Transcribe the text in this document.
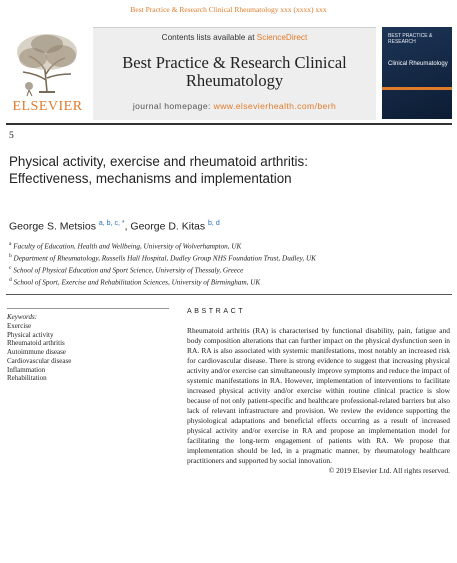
Best Practice & Research Clinical Rheumatology xxx (xxxx) xxx
ELSEVIER
Contents lists available at ScienceDirect
Best Practice & Research Clinical Rheumatology
journal homepage: www.elsevierhealth.com/berh
BEST PRACTICE & RESEARCH
Clinical Rheumatology
5
Physical activity, exercise and rheumatoid arthritis: Effectiveness, mechanisms and implementation
George S. Metsios $^{a, b, c, *}$, George D. Kitas $^{b, d}$
$^a$ Faculty of Education, Health and Wellbeing, University of Wolverhampton, UK
$^b$ Department of Rheumatology, Russells Hall Hospital, Dudley Group NHS Foundation Trust, Dudley, UK
$^c$ School of Physical Education and Sport Science, University of Thessaly, Greece
$^d$ School of Sport, Exercise and Rehabilitation Sciences, University of Birmingham, UK
Keywords:
Exercise
Physical activity
Rheumatoid arthritis
Autoimmune disease
Cardiovascular disease
Inflammation
Rehabilitation
ABSTRACT
Rheumatoid arthritis (RA) is characterised by functional disability, pain, fatigue and body composition alterations that can further impact on the physical dysfunction seen in RA. RA is also associated with systemic manifestations, most notably an increased risk for cardiovascular disease. There is strong evidence to suggest that increasing physical activity and/or exercise can simultaneously improve symptoms and reduce the impact of systemic manifestations in RA. However, implementation of interventions to facilitate increased physical activity and/or exercise within routine clinical practice is slow because of not only patient-specific and healthcare professional-related barriers but also lack of relevant infrastructure and provision. We review the evidence supporting the physiological adaptations and beneficial effects occurring as a result of increased physical activity and/or exercise in RA and propose an implementation model for facilitating the long-term engagement of patients with RA. We propose that implementation should be led, in a pragmatic manner, by rheumatology healthcare practitioners and supported by social innovation.
© 2019 Elsevier Ltd. All rights reserved.
